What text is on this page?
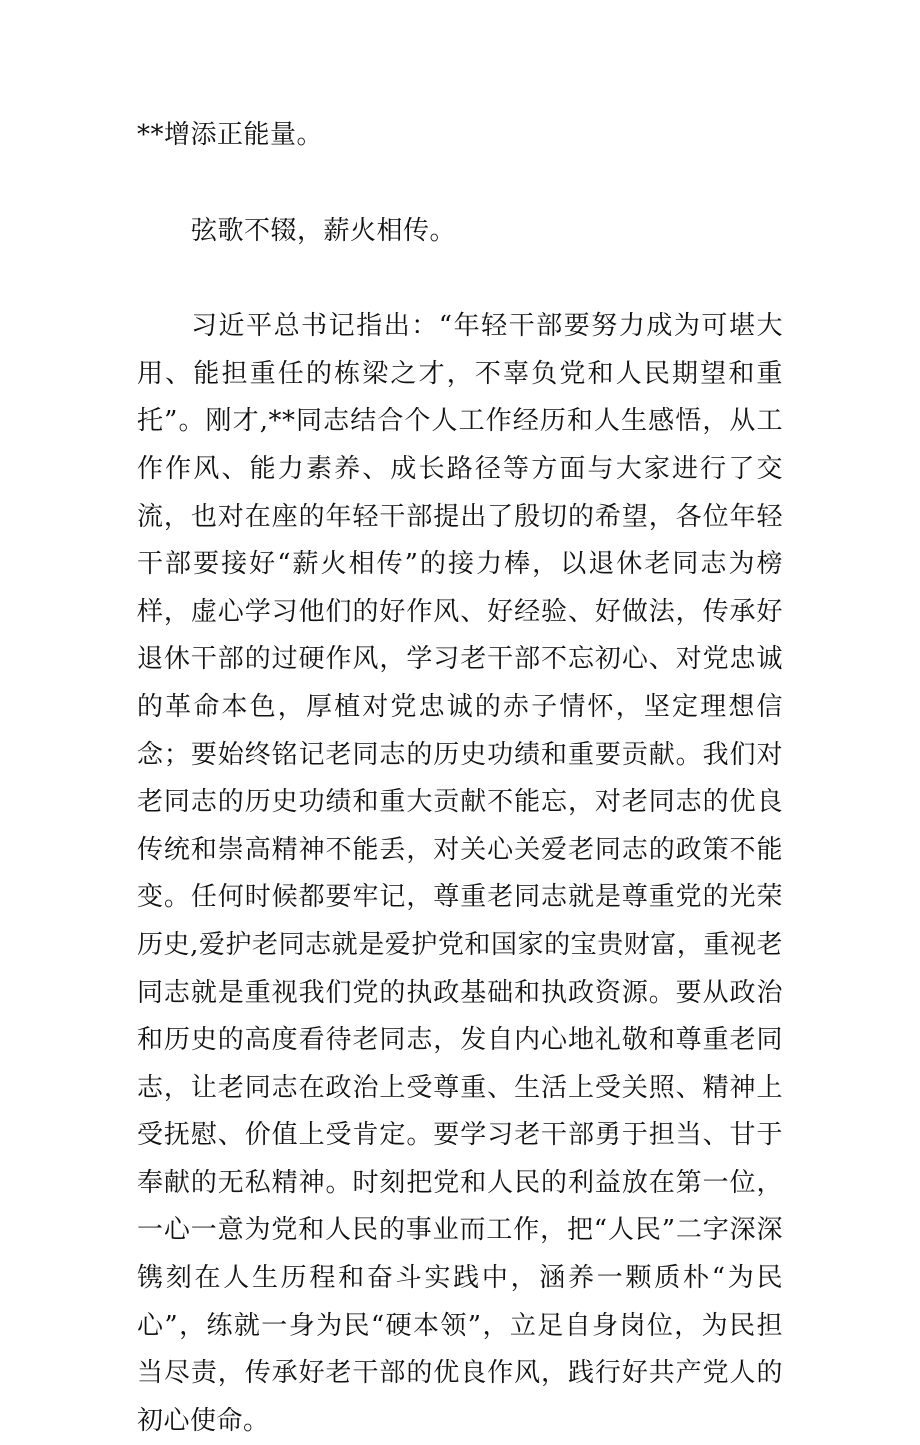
**增添正能量。

弦歌不辍，薪火相传。

习近平总书记指出：“年轻干部要努力成为可堪大用、能担重任的栋梁之才，不辜负党和人民期望和重托”。刚才,**同志结合个人工作经历和人生感悟，从工作作风、能力素养、成长路径等方面与大家进行了交流，也对在座的年轻干部提出了殷切的希望，各位年轻干部要接好“薪火相传”的接力棒，以退休老同志为榜样，虚心学习他们的好作风、好经验、好做法，传承好退休干部的过硬作风，学习老干部不忘初心、对党忠诚的革命本色，厚植对党忠诚的赤子情怀，坚定理想信念；要始终铭记老同志的历史功绩和重要贡献。我们对老同志的历史功绩和重大贡献不能忘，对老同志的优良传统和崇高精神不能丢，对关心关爱老同志的政策不能变。任何时候都要牢记，尊重老同志就是尊重党的光荣历史,爱护老同志就是爱护党和国家的宝贵财富，重视老同志就是重视我们党的执政基础和执政资源。要从政治和历史的高度看待老同志，发自内心地礼敬和尊重老同志，让老同志在政治上受尊重、生活上受关照、精神上受抚慰、价值上受肯定。要学习老干部勇于担当、甘于奉献的无私精神。时刻把党和人民的利益放在第一位，一心一意为党和人民的事业而工作，把“人民”二字深深镌刻在人生历程和奋斗实践中，涵养一颗质朴“为民心”，练就一身为民“硬本领”，立足自身岗位，为民担当尽责，传承好老干部的优良作风，践行好共产党人的初心使命。
